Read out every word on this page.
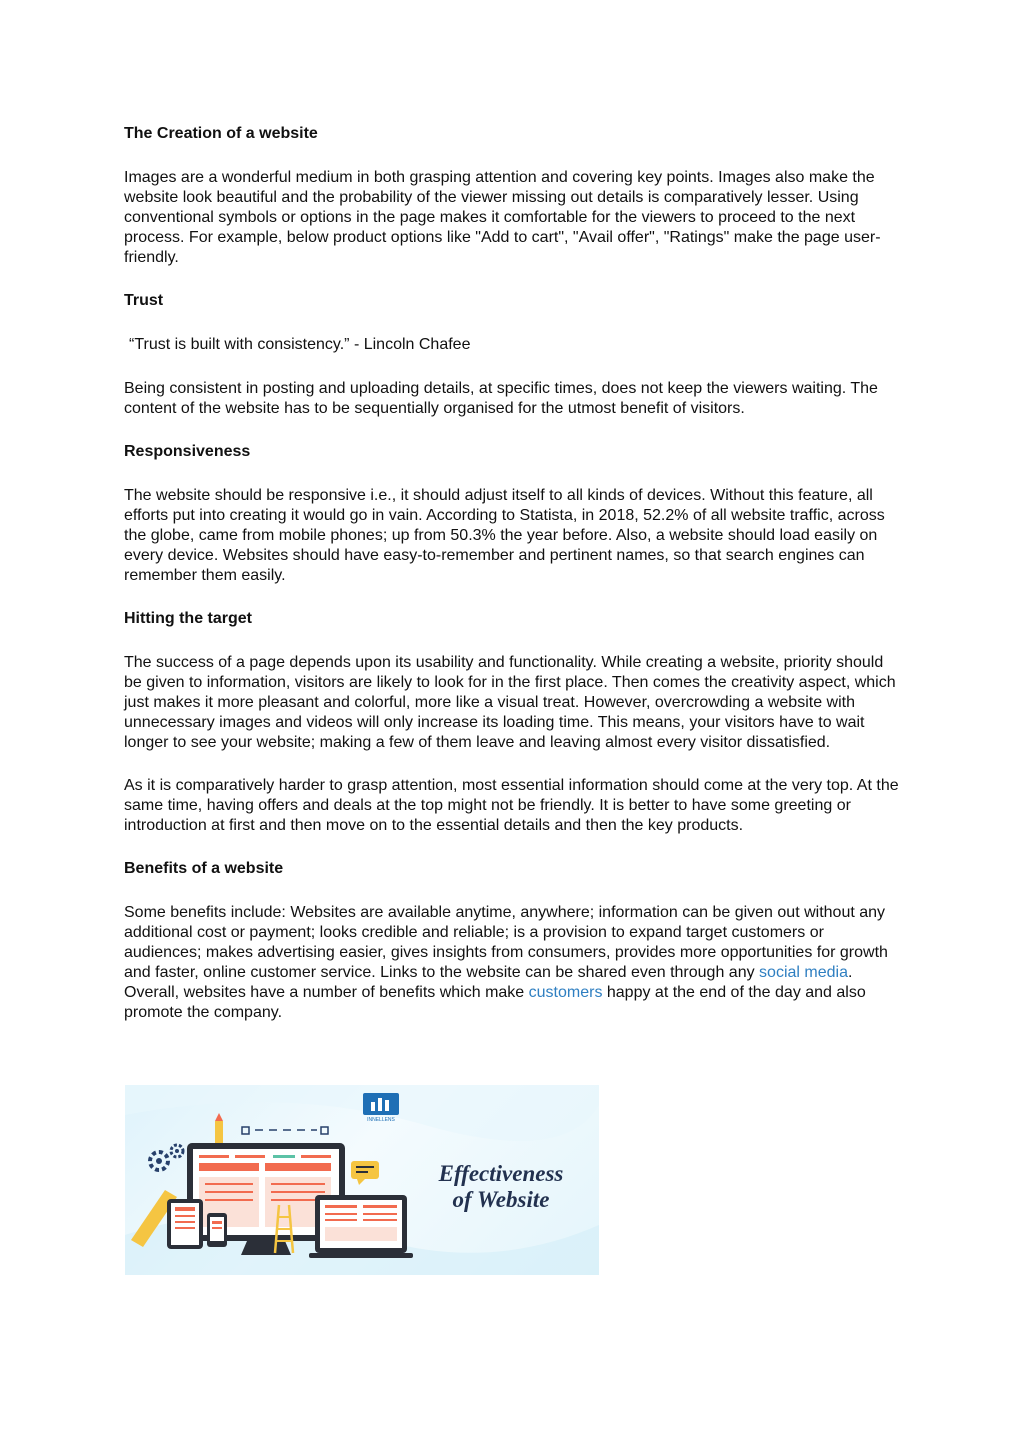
The Creation of a website

Images are a wonderful medium in both grasping attention and covering key points. Images also make the website look beautiful and the probability of the viewer missing out details is comparatively lesser. Using conventional symbols or options in the page makes it comfortable for the viewers to proceed to the next process. For example, below product options like "Add to cart", "Avail offer", "Ratings" make the page user-friendly.

Trust

“Trust is built with consistency.” - Lincoln Chafee

Being consistent in posting and uploading details, at specific times, does not keep the viewers waiting. The content of the website has to be sequentially organised for the utmost benefit of visitors.

Responsiveness

The website should be responsive i.e., it should adjust itself to all kinds of devices. Without this feature, all efforts put into creating it would go in vain. According to Statista, in 2018, 52.2% of all website traffic, across the globe, came from mobile phones; up from 50.3% the year before. Also, a website should load easily on every device. Websites should have easy-to-remember and pertinent names, so that search engines can remember them easily.

Hitting the target

The success of a page depends upon its usability and functionality. While creating a website, priority should be given to information, visitors are likely to look for in the first place. Then comes the creativity aspect, which just makes it more pleasant and colorful, more like a visual treat. However, overcrowding a website with unnecessary images and videos will only increase its loading time. This means, your visitors have to wait longer to see your website; making a few of them leave and leaving almost every visitor dissatisfied.

As it is comparatively harder to grasp attention, most essential information should come at the very top. At the same time, having offers and deals at the top might not be friendly. It is better to have some greeting or introduction at first and then move on to the essential details and then the key products.

Benefits of a website

Some benefits include: Websites are available anytime, anywhere; information can be given out without any additional cost or payment; looks credible and reliable; is a provision to expand target customers or audiences; makes advertising easier, gives insights from consumers, provides more opportunities for growth and faster, online customer service. Links to the website can be shared even through any social media. Overall, websites have a number of benefits which make customers happy at the end of the day and also promote the company.

INNELLENS
Effectiveness
of Website
